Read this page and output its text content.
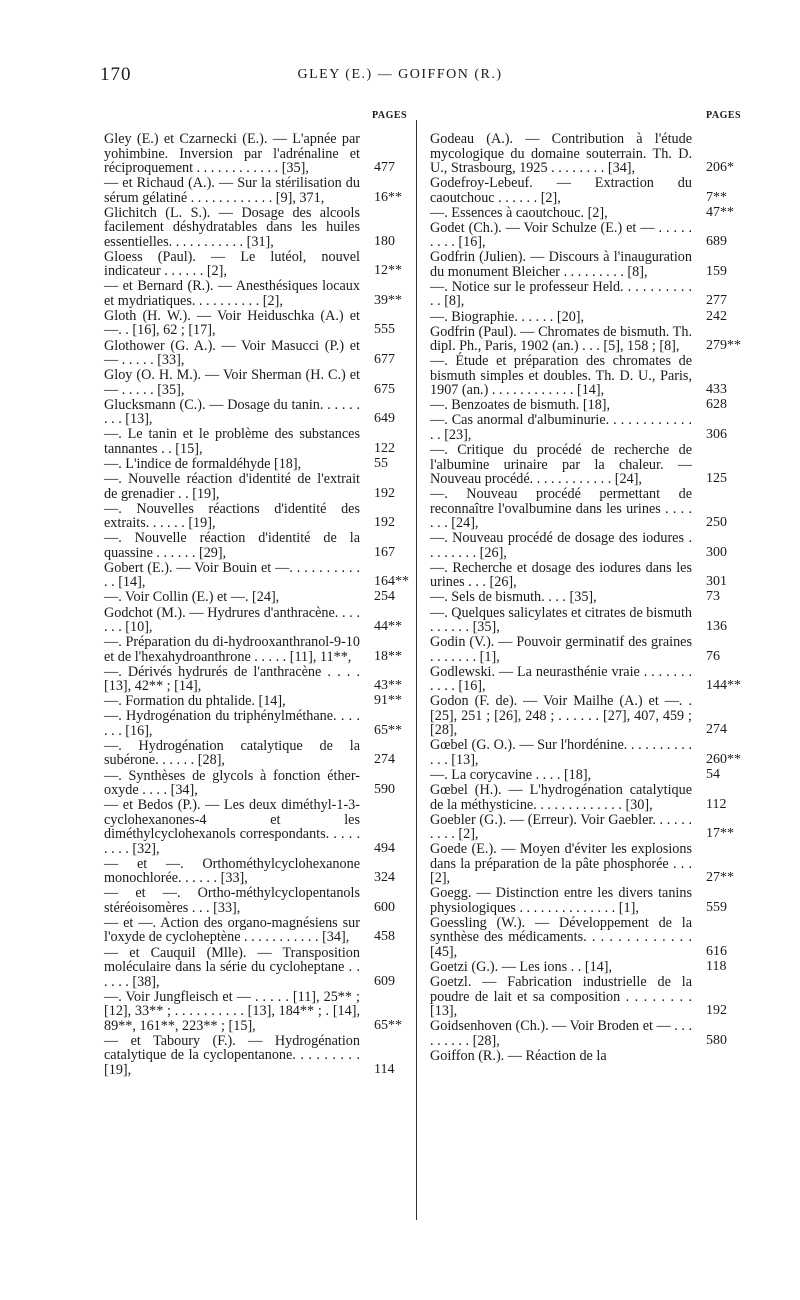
170	GLEY (E.) — GOIFFON (R.)
PAGES
Gley (E.) et Czarnecki (E.). — L'apnée par yohimbine. Inversion par l'adrénaline et réciproquement . . . . . . . . . . . . [35],	477
— et Richaud (A.). — Sur la stérilisation du sérum gélatiné . . . . . . . . . . . . [9], 371,	16**
Glichitch (L. S.). — Dosage des alcools facilement déshydratables dans les huiles essentielles. . . . . . . . . . . [31],	180
Gloess (Paul). — Le lutéol, nouvel indicateur . . . . . . [2],	12**
— et Bernard (R.). — Anesthésiques locaux et mydriatiques. . . . . . . . . . [2],	39**
Gloth (H. W.). — Voir Heiduschka (A.) et —. . [16], 62 ; [17],	555
Glothower (G. A.). — Voir Masucci (P.) et — . . . . . [33],	677
Gloy (O. H. M.). — Voir Sherman (H. C.) et — . . . . . [35],	675
Glucksmann (C.). — Dosage du tanin. . . . . . . . . [13],	649
—. Le tanin et le problème des substances tannantes . . [15],	122
—. L'indice de formaldéhyde [18],	55
—. Nouvelle réaction d'identité de l'extrait de grenadier . . [19],	192
—. Nouvelles réactions d'identité des extraits. . . . . . [19],	192
—. Nouvelle réaction d'identité de la quassine . . . . . . [29],	167
Gobert (E.). — Voir Bouin et —. . . . . . . . . . . . [14],	164**
—. Voir Collin (E.) et —. [24],	254
Godchot (M.). — Hydrures d'anthracène. . . . . . . [10],	44**
—. Préparation du di-hydrooxanthranol-9-10 et de l'hexahydroanthrone . . . . . [11], 11**,	18**
—. Dérivés hydrurés de l'anthracène . . . . [13], 42** ; [14],	43**
—. Formation du phtalide. [14],	91**
—. Hydrogénation du triphénylméthane. . . . . . . [16],	65**
—. Hydrogénation catalytique de la subérone. . . . . . [28],	274
—. Synthèses de glycols à fonction éther-oxyde . . . . [34],	590
— et Bedos (P.). — Les deux diméthyl-1-3-cyclohexanones-4 et les diméthylcyclohexanols correspondants. . . . . . . . . [32],	494
— et —. Orthométhylcyclohexanone monochlorée. . . . . . [33],	324
— et —. Ortho-méthylcyclopentanols stéréoisomères . . . [33],	600
— et —. Action des organo-magnésiens sur l'oxyde de cycloheptène . . . . . . . . . . . [34],	458
— et Cauquil (Mlle). — Transposition moléculaire dans la série du cycloheptane . . . . . . [38],	609
—. Voir Jungfleisch et — . . . . . [11], 25** ; [12], 33** ; . . . . . . . . . . [13], 184** ; . [14], 89**, 161**, 223** ; [15],	65**
— et Taboury (F.). — Hydrogénation catalytique de la cyclopentanone. . . . . . . . . [19],	114
PAGES
Godeau (A.). — Contribution à l'étude mycologique du domaine souterrain. Th. D. U., Strasbourg, 1925 . . . . . . . . [34],	206*
Godefroy-Lebeuf. — Extraction du caoutchouc . . . . . . [2],	7**
—. Essences à caoutchouc. [2],	47**
Godet (Ch.). — Voir Schulze (E.) et — . . . . . . . . . [16],	689
Godfrin (Julien). — Discours à l'inauguration du monument Bleicher . . . . . . . . . [8],	159
—. Notice sur le professeur Held. . . . . . . . . . . . [8],	277
—. Biographie. . . . . . [20],	242
Godfrin (Paul). — Chromates de bismuth. Th. dipl. Ph., Paris, 1902 (an.) . . . [5], 158 ; [8],	279**
—. Étude et préparation des chromates de bismuth simples et doubles. Th. D. U., Paris, 1907 (an.) . . . . . . . . . . . . [14],	433
—. Benzoates de bismuth. [18],	628
—. Cas anormal d'albuminurie. . . . . . . . . . . . . . [23],	306
—. Critique du procédé de recherche de l'albumine urinaire par la chaleur. — Nouveau procédé. . . . . . . . . . . . [24],	125
—. Nouveau procédé permettant de reconnaître l'ovalbumine dans les urines . . . . . . . [24],	250
—. Nouveau procédé de dosage des iodures . . . . . . . . [26],	300
—. Recherche et dosage des iodures dans les urines . . . [26],	301
—. Sels de bismuth. . . . [35],	73
—. Quelques salicylates et citrates de bismuth . . . . . . [35],	136
Godin (V.). — Pouvoir germinatif des graines . . . . . . . [1],	76
Godlewski. — La neurasthénie vraie . . . . . . . . . . . [16],	144**
Godon (F. de). — Voir Mailhe (A.) et —. . [25], 251 ; [26], 248 ; . . . . . . [27], 407, 459 ; [28],	274
Gœbel (G. O.). — Sur l'hordénine. . . . . . . . . . . . . [13],	260**
—. La corycavine . . . . [18],	54
Gœbel (H.). — L'hydrogénation catalytique de la méthysticine. . . . . . . . . . . . . [30],	112
Goebler (G.). — (Erreur). Voir Gaebler. . . . . . . . . . [2],	17**
Goede (E.). — Moyen d'éviter les explosions dans la préparation de la pâte phosphorée . . . [2],	27**
Goegg. — Distinction entre les divers tanins physiologiques . . . . . . . . . . . . . . [1],	559
Goessling (W.). — Développement de la synthèse des médicaments. . . . . . . . . . . . . [45],	616
Goetzi (G.). — Les ions . . [14],	118
Goetzl. — Fabrication industrielle de la poudre de lait et sa composition . . . . . . . . [13],	192
Goidsenhoven (Ch.). — Voir Broden et — . . . . . . . . . [28],	580
Goiffon (R.). — Réaction de la
